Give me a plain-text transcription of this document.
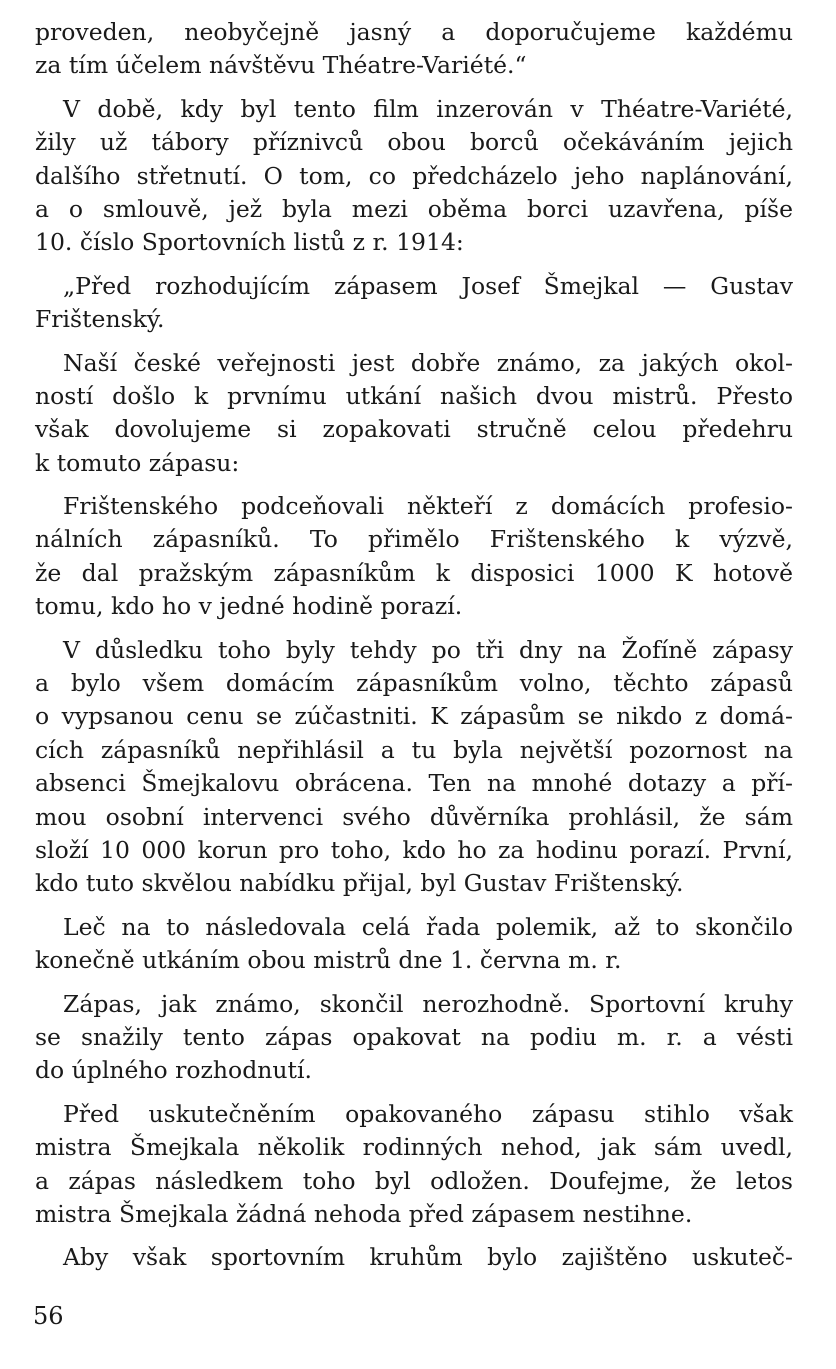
proveden, neobyčejně jasný a doporučujeme každému
za tím účelem návštěvu Théatre-Variété.“
V době, kdy byl tento film inzerován v Théatre-Variété,
žily už tábory příznivců obou borců očekáváním jejich
dalšího střetnutí. O tom, co předcházelo jeho naplánování,
a o smlouvě, jež byla mezi oběma borci uzavřena, píše
10. číslo Sportovních listů z r. 1914:
„Před rozhodujícím zápasem Josef Šmejkal — Gustav
Frištenský.
Naší české veřejnosti jest dobře známo, za jakých okol-
ností došlo k prvnímu utkání našich dvou mistrů. Přesto
však dovolujeme si zopakovati stručně celou předehru
k tomuto zápasu:
Frištenského podceňovali někteří z domácích profesio-
nálních zápasníků. To přimělo Frištenského k výzvě,
že dal pražským zápasníkům k disposici 1000 K hotově
tomu, kdo ho v jedné hodině porazí.
V důsledku toho byly tehdy po tři dny na Žofíně zápasy
a bylo všem domácím zápasníkům volno, těchto zápasů
o vypsanou cenu se zúčastniti. K zápasům se nikdo z domá-
cích zápasníků nepřihlásil a tu byla největší pozornost na
absenci Šmejkalovu obrácena. Ten na mnohé dotazy a pří-
mou osobní intervenci svého důvěrníka prohlásil, že sám
složí 10 000 korun pro toho, kdo ho za hodinu porazí. První,
kdo tuto skvělou nabídku přijal, byl Gustav Frištenský.
Leč na to následovala celá řada polemik, až to skončilo
konečně utkáním obou mistrů dne 1. června m. r.
Zápas, jak známo, skončil nerozhodně. Sportovní kruhy
se snažily tento zápas opakovat na podiu m. r. a vésti
do úplného rozhodnutí.
Před uskutečněním opakovaného zápasu stihlo však
mistra Šmejkala několik rodinných nehod, jak sám uvedl,
a zápas následkem toho byl odložen. Doufejme, že letos
mistra Šmejkala žádná nehoda před zápasem nestihne.
Aby však sportovním kruhům bylo zajištěno uskuteč-
56
